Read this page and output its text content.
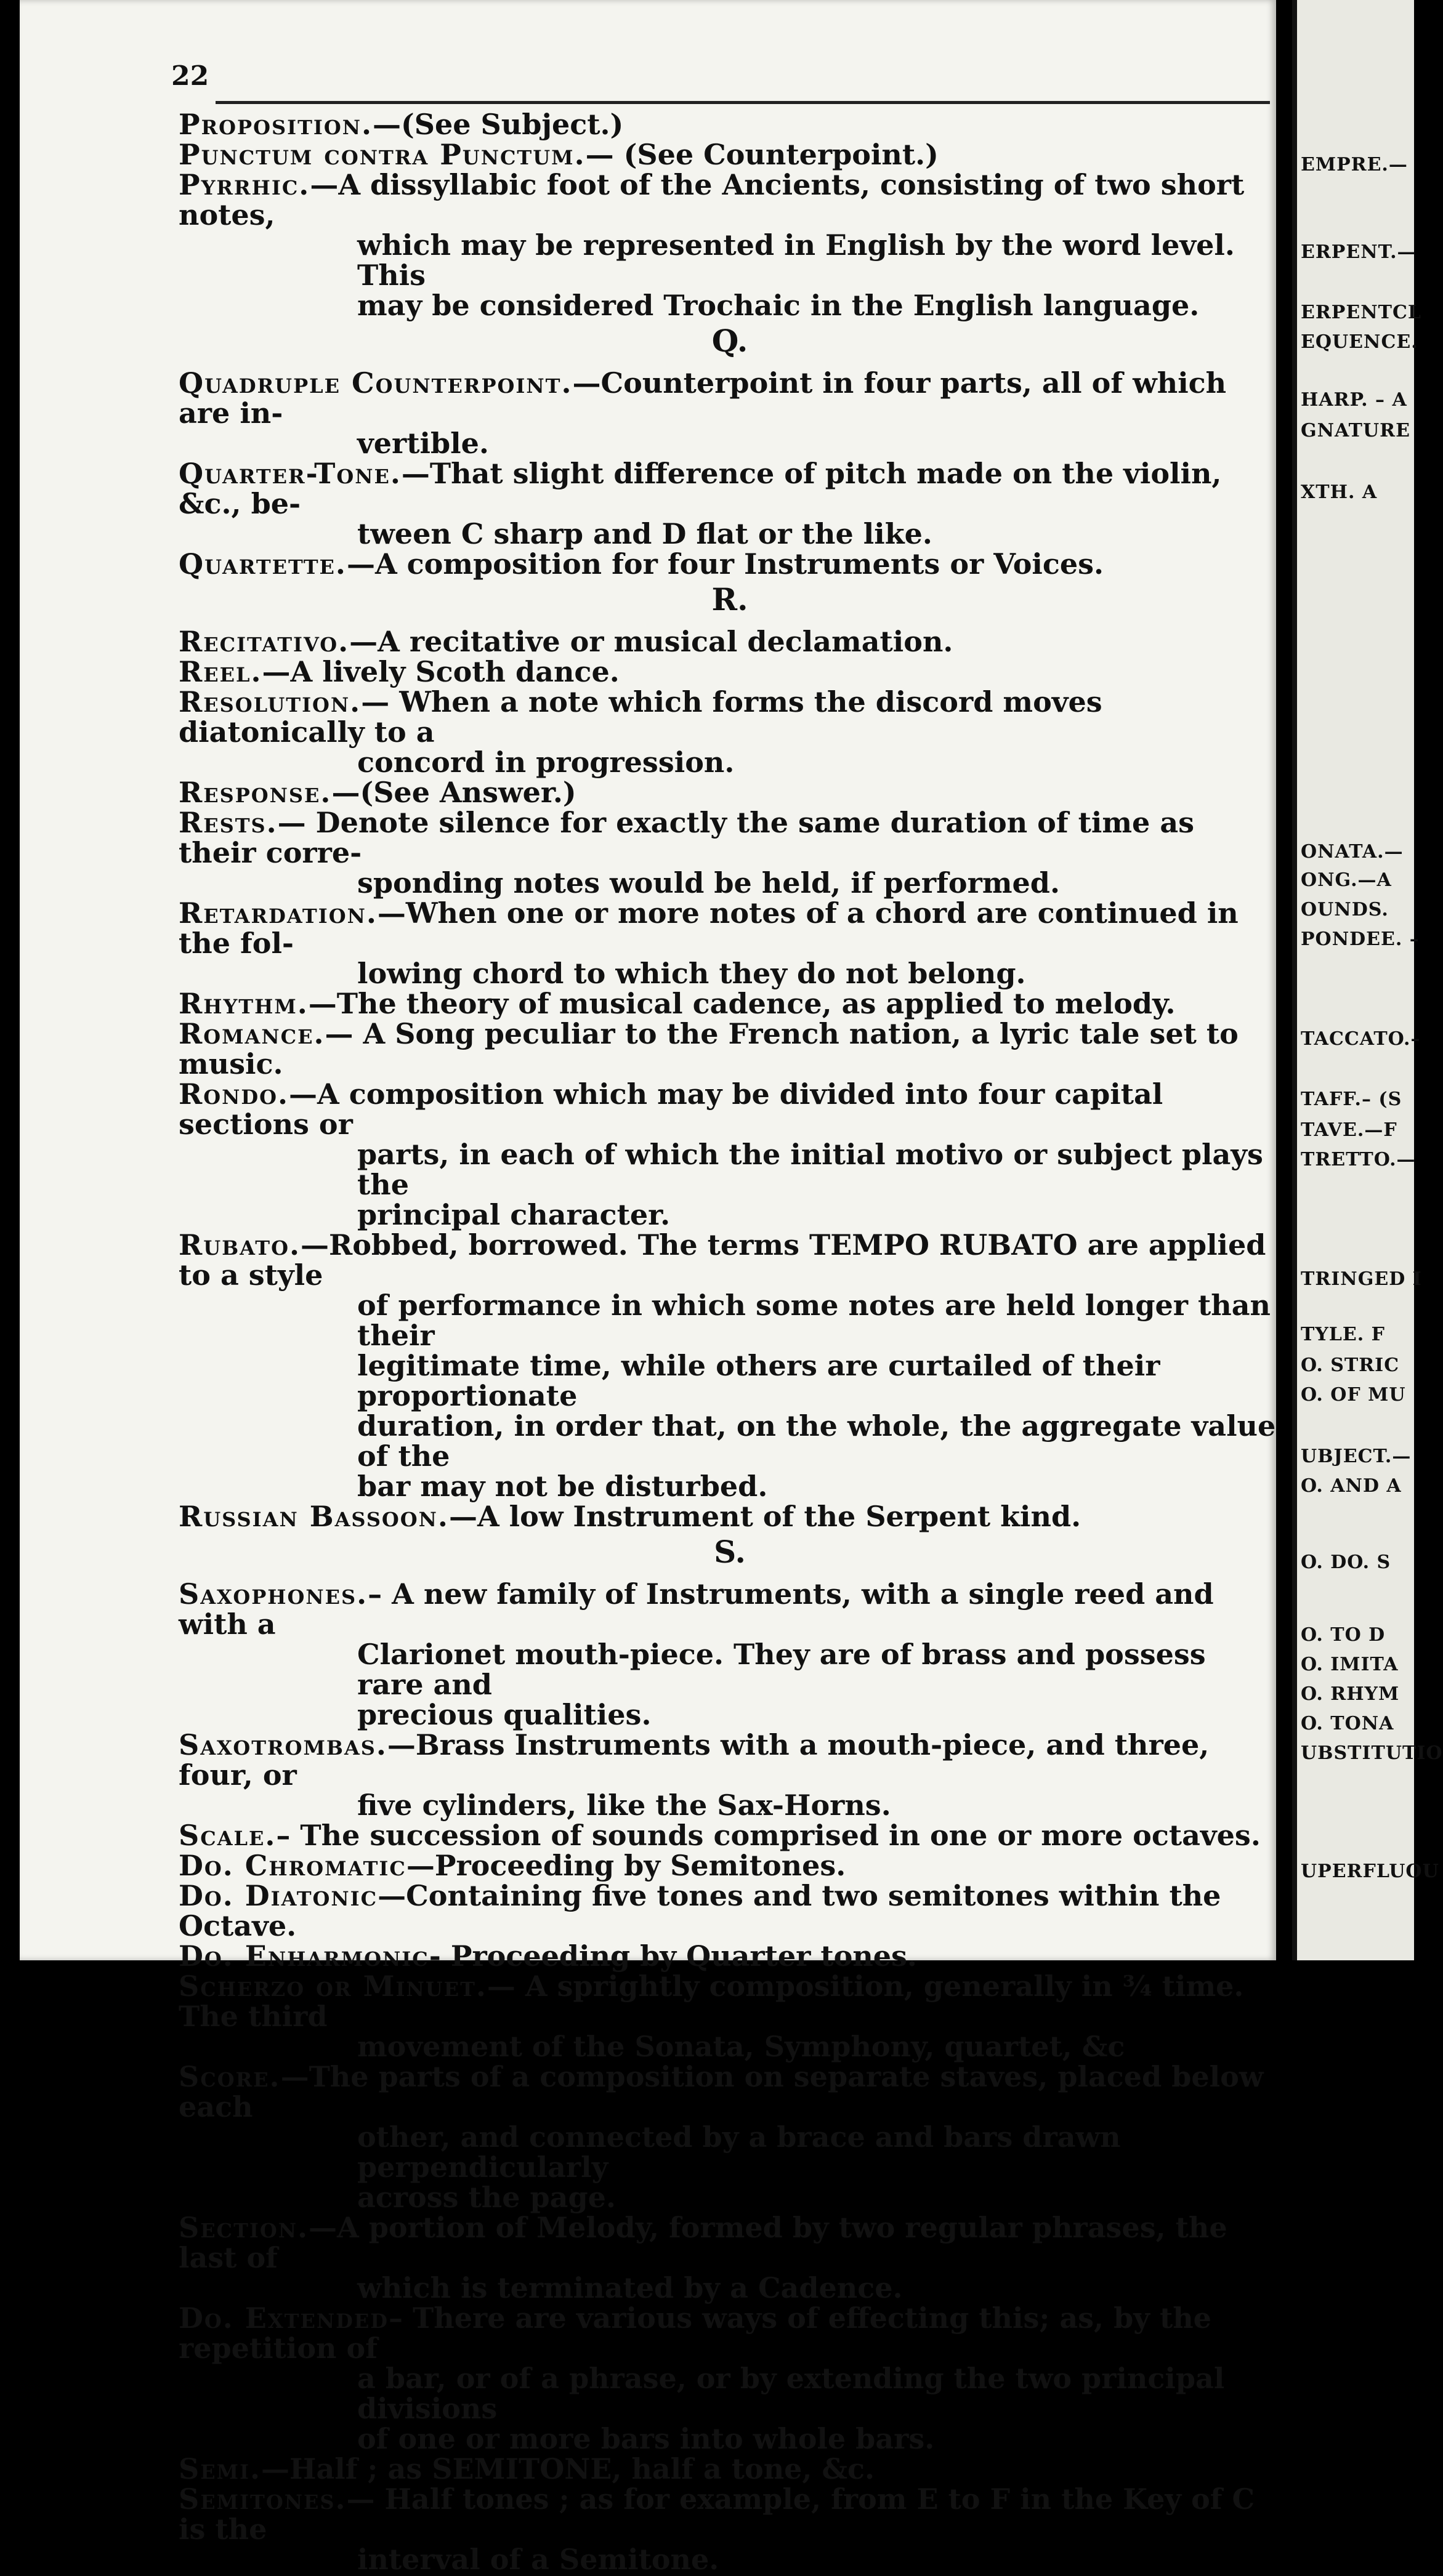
22
Proposition.—(See Subject.)
Punctum contra Punctum.— (See Counterpoint.)
Pyrrhic.—A dissyllabic foot of the Ancients, consisting of two short notes,
which may be represented in English by the word level. This
may be considered Trochaic in the English language.
Q.
Quadruple Counterpoint.—Counterpoint in four parts, all of which are in-
vertible.
Quarter-Tone.—That slight difference of pitch made on the violin, &c., be-
tween C sharp and D flat or the like.
Quartette.—A composition for four Instruments or Voices.
R.
Recitativo.—A recitative or musical declamation.
Reel.—A lively Scoth dance.
Resolution.— When a note which forms the discord moves diatonically to a
concord in progression.
Response.—(See Answer.)
Rests.— Denote silence for exactly the same duration of time as their corre-
sponding notes would be held, if performed.
Retardation.—When one or more notes of a chord are continued in the fol-
lowing chord to which they do not belong.
Rhythm.—The theory of musical cadence, as applied to melody.
Romance.— A Song peculiar to the French nation, a lyric tale set to music.
Rondo.—A composition which may be divided into four capital sections or
parts, in each of which the initial motivo or subject plays the
principal character.
Rubato.—Robbed, borrowed. The terms TEMPO RUBATO are applied to a style
of performance in which some notes are held longer than their
legitimate time, while others are curtailed of their proportionate
duration, in order that, on the whole, the aggregate value of the
bar may not be disturbed.
Russian Bassoon.—A low Instrument of the Serpent kind.
S.
Saxophones.– A new family of Instruments, with a single reed and with a
Clarionet mouth-piece. They are of brass and possess rare and
precious qualities.
Saxotrombas.—Brass Instruments with a mouth-piece, and three, four, or
five cylinders, like the Sax-Horns.
Scale.– The succession of sounds comprised in one or more octaves.
Do. Chromatic—Proceeding by Semitones.
Do. Diatonic—Containing five tones and two semitones within the Octave.
Do. Enharmonic- Proceeding by Quarter tones.
Scherzo or Minuet.— A sprightly composition, generally in ¾ time. The third
movement of the Sonata, Symphony, quartet, &c
Score.—The parts of a composition on separate staves, placed below each
other, and connected by a brace and bars drawn perpendicularly
across the page.
Section.—A portion of Melody, formed by two regular phrases, the last of
which is terminated by a Cadence.
Do. Extended– There are various ways of effecting this; as, by the repetition of
a bar, or of a phrase, or by extending the two principal divisions
of one or more bars into whole bars.
Semi.—Half ; as SEMITONE, half a tone, &c.
Semitones.— Half tones ; as for example, from E to F in the Key of C is the
interval of a Semitone.
EMPRE.—
ERPENT.—
ERPENTCL
EQUENCE.
HARP. – A
GNATURE
XTH. A
ONATA.—
ONG.—A
OUNDS.
PONDEE. –
TACCATO.–
TAFF.– (S
TAVE.—F
TRETTO.—
TRINGED I
TYLE. F
O. STRIC
O. OF MU
UBJECT.—
O. AND A
O. DO. S
O. TO D
O. IMITA
O. RHYM
O. TONA
UBSTITUTIO
UPERFLUOU
